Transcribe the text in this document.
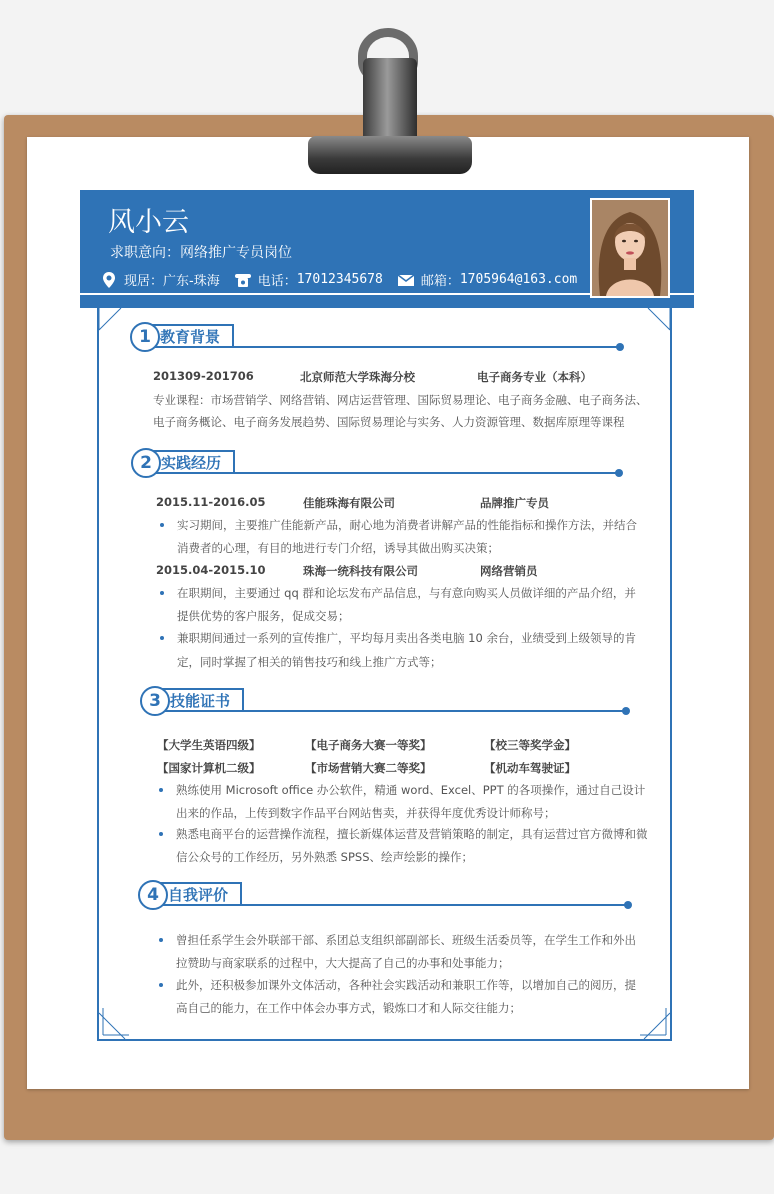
风小云
求职意向：网络推广专员岗位
现居： 广东-珠海	电话： 17012345678	邮箱： 1705964@163.com
1 教育背景
201309-201706	北京师范大学珠海分校	电子商务专业（本科）
专业课程：市场营销学、网络营销、网店运营管理、国际贸易理论、电子商务金融、电子商务法、
电子商务概论、电子商务发展趋势、国际贸易理论与实务、人力资源管理、数据库原理等课程
2 实践经历
2015.11-2016.05	佳能珠海有限公司	品牌推广专员
实习期间，主要推广佳能新产品，耐心地为消费者讲解产品的性能指标和操作方法，并结合
消费者的心理，有目的地进行专门介绍，诱导其做出购买决策；
2015.04-2015.10	珠海一统科技有限公司	网络营销员
在职期间，主要通过 qq 群和论坛发布产品信息，与有意向购买人员做详细的产品介绍，并
提供优势的客户服务，促成交易；
兼职期间通过一系列的宣传推广，平均每月卖出各类电脑 10 余台，业绩受到上级领导的肯
定，同时掌握了相关的销售技巧和线上推广方式等；
3 技能证书
【大学生英语四级】	【电子商务大赛一等奖】	【校三等奖学金】
【国家计算机二级】	【市场营销大赛二等奖】	【机动车驾驶证】
熟练使用 Microsoft office 办公软件，精通 word、Excel、PPT 的各项操作，通过自己设计
出来的作品，上传到数字作品平台网站售卖，并获得年度优秀设计师称号；
熟悉电商平台的运营操作流程，擅长新媒体运营及营销策略的制定，具有运营过官方微博和微
信公众号的工作经历，另外熟悉 SPSS、绘声绘影的操作；
4 自我评价
曾担任系学生会外联部干部、系团总支组织部副部长、班级生活委员等，在学生工作和外出
拉赞助与商家联系的过程中，大大提高了自己的办事和处事能力；
此外，还积极参加课外文体活动，各种社会实践活动和兼职工作等，以增加自己的阅历，提
高自己的能力，在工作中体会办事方式，锻炼口才和人际交往能力；
